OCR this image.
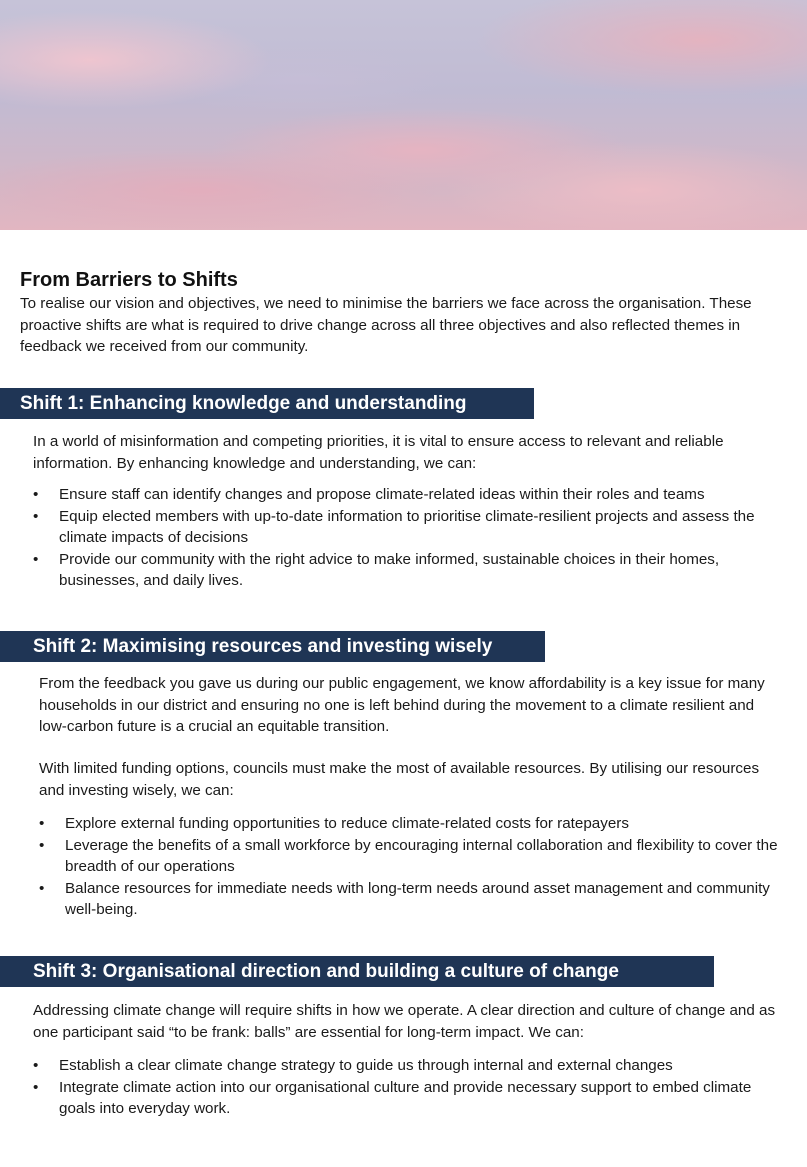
From Barriers to Shifts

To realise our vision and objectives, we need to minimise the barriers we face across the organisation. These proactive shifts are what is required to drive change across all three objectives and also reflected themes in feedback we received from our community.

Shift 1: Enhancing knowledge and understanding

In a world of misinformation and competing priorities, it is vital to ensure access to relevant and reliable information. By enhancing knowledge and understanding, we can:

• Ensure staff can identify changes and propose climate-related ideas within their roles and teams
• Equip elected members with up-to-date information to prioritise climate-resilient projects and assess the climate impacts of decisions
• Provide our community with the right advice to make informed, sustainable choices in their homes, businesses, and daily lives.
Shift 2: Maximising resources and investing wisely

From the feedback you gave us during our public engagement, we know affordability is a key issue for many households in our district and ensuring no one is left behind during the movement to a climate resilient and low-carbon future is a crucial an equitable transition.

With limited funding options, councils must make the most of available resources. By utilising our resources and investing wisely, we can:

• Explore external funding opportunities to reduce climate-related costs for ratepayers
• Leverage the benefits of a small workforce by encouraging internal collaboration and flexibility to cover the breadth of our operations
• Balance resources for immediate needs with long-term needs around asset management and community well-being.
Shift 3: Organisational direction and building a culture of change

Addressing climate change will require shifts in how we operate. A clear direction and culture of change and as one participant said “to be frank: balls” are essential for long-term impact. We can:

• Establish a clear climate change strategy to guide us through internal and external changes
• Integrate climate action into our organisational culture and provide necessary support to embed climate goals into everyday work.
